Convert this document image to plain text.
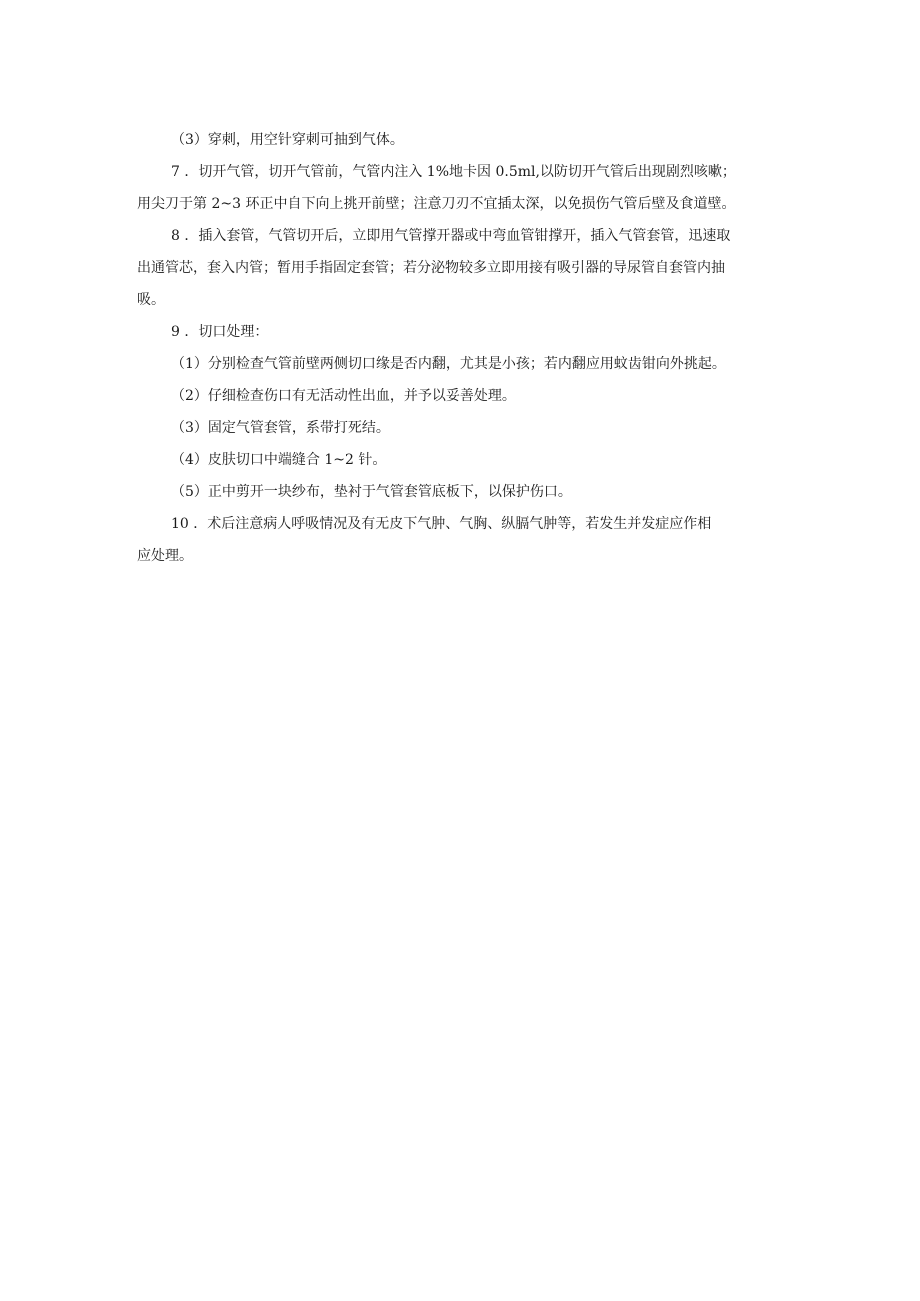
（3）穿刺，用空针穿刺可抽到气体。

7 ．切开气管，切开气管前，气管内注入 1%地卡因 0.5ml,以防切开气管后出现剧烈咳嗽；
用尖刀于第 2~3 环正中自下向上挑开前壁；注意刀刃不宜插太深，以免损伤气管后壁及食道壁。

8 ．插入套管，气管切开后，立即用气管撑开器或中弯血管钳撑开，插入气管套管，迅速取
出通管芯，套入内管；暂用手指固定套管；若分泌物较多立即用接有吸引器的导尿管自套管内抽
吸。

9 ．切口处理：

（1）分别检查气管前壁两侧切口缘是否内翻，尤其是小孩；若内翻应用蚊齿钳向外挑起。

（2）仔细检查伤口有无活动性出血，并予以妥善处理。

（3）固定气管套管，系带打死结。

（4）皮肤切口中端缝合 1~2 针。

（5）正中剪开一块纱布，垫衬于气管套管底板下，以保护伤口。

10 ．术后注意病人呼吸情况及有无皮下气肿、气胸、纵膈气肿等，若发生并发症应作相
应处理。
